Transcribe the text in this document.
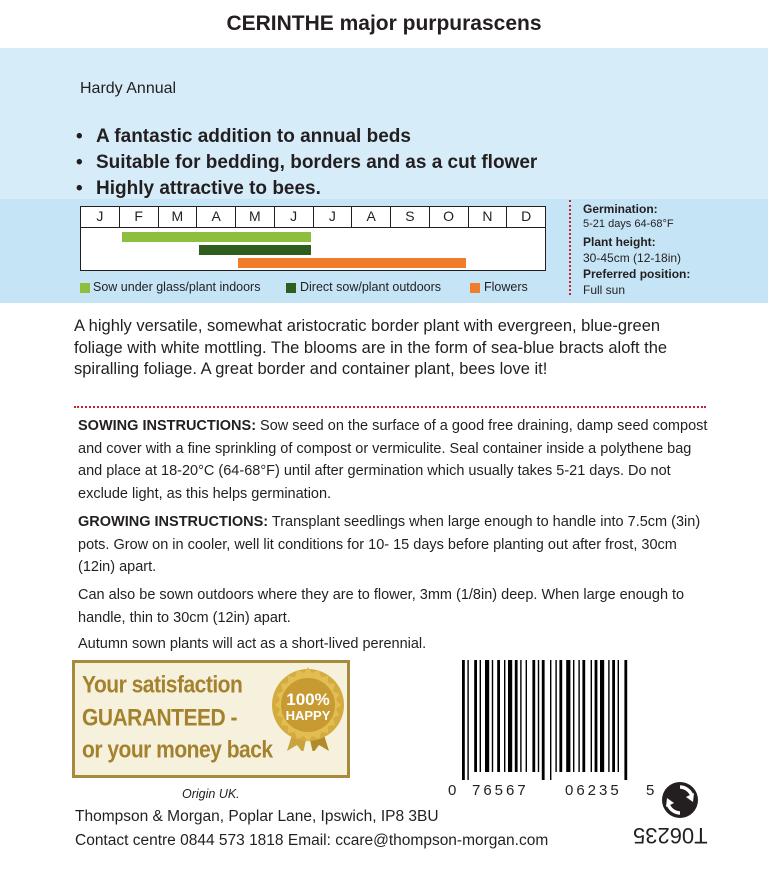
CERINTHE major purpurascens
Hardy Annual
• A fantastic addition to annual beds
• Suitable for bedding, borders and as a cut flower
• Highly attractive to bees.
J	F	M	A	M	J	J	A	S	O	N	D
Sow under glass/plant indoors	Direct sow/plant outdoors	Flowers
Germination:
5-21 days 64-68°F
Plant height:
30-45cm (12-18in)
Preferred position:
Full sun
A highly versatile, somewhat aristocratic border plant with evergreen, blue-green foliage with white mottling. The blooms are in the form of sea-blue bracts aloft the spiralling foliage. A great border and container plant, bees love it!
SOWING INSTRUCTIONS: Sow seed on the surface of a good free draining, damp seed compost and cover with a fine sprinkling of compost or vermiculite. Seal container inside a polythene bag and place at 18-20°C (64-68°F) until after germination which usually takes 5-21 days. Do not exclude light, as this helps germination.
GROWING INSTRUCTIONS: Transplant seedlings when large enough to handle into 7.5cm (3in) pots. Grow on in cooler, well lit conditions for 10- 15 days before planting out after frost, 30cm (12in) apart.
Can also be sown outdoors where they are to flower, 3mm (1/8in) deep. When large enough to handle, thin to 30cm (12in) apart.
Autumn sown plants will act as a short-lived perennial.
Your satisfaction
GUARANTEED -
or your money back
100%
HAPPY
Origin UK.
Thompson & Morgan, Poplar Lane, Ipswich, IP8 3BU
Contact centre 0844 573 1818 Email: ccare@thompson-morgan.com
0 76567 06235 5
T06235
